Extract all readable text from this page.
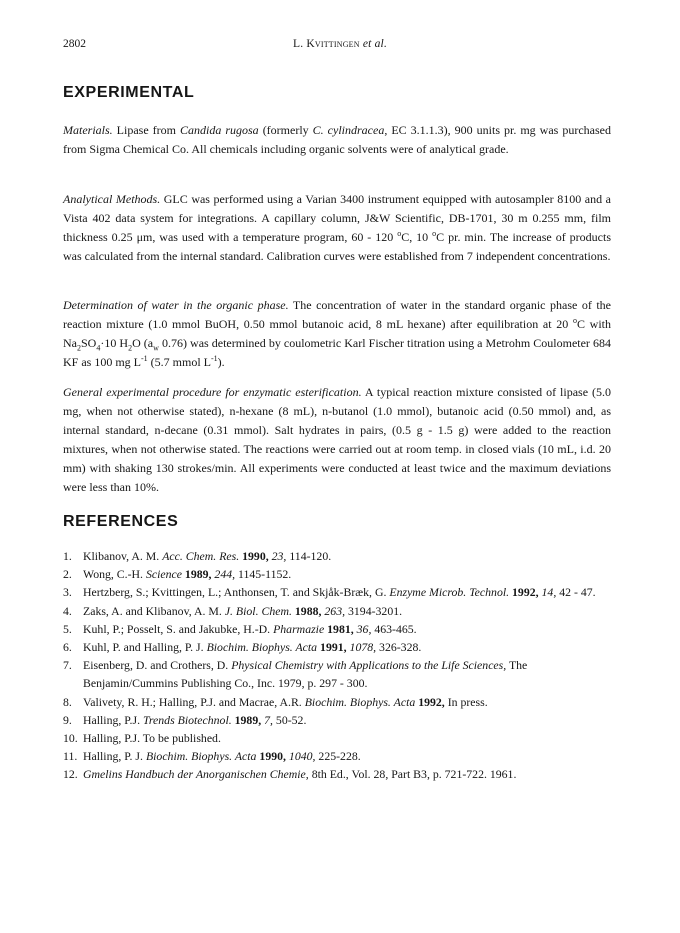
2802	L. Kvittingen et al.
EXPERIMENTAL

Materials. Lipase from Candida rugosa (formerly C. cylindracea, EC 3.1.1.3), 900 units pr. mg was purchased from Sigma Chemical Co. All chemicals including organic solvents were of analytical grade.

Analytical Methods. GLC was performed using a Varian 3400 instrument equipped with autosampler 8100 and a Vista 402 data system for integrations. A capillary column, J&W Scientific, DB-1701, 30 m 0.255 mm, film thickness 0.25 μm, was used with a temperature program, 60 - 120 $^o$C, 10 $^o$C pr. min. The increase of products was calculated from the internal standard. Calibration curves were established from 7 independent concentrations.

Determination of water in the organic phase. The concentration of water in the standard organic phase of the reaction mixture (1.0 mmol BuOH, 0.50 mmol butanoic acid, 8 mL hexane) after equilibration at 20 $^o$C with $Na_2SO_4\cdot 10$ $H_2O$ ($a_w$ 0.76) was determined by coulometric Karl Fischer titration using a Metrohm Coulometer 684 KF as 100 mg $L^{-1}$ (5.7 mmol $L^{-1}$).

General experimental procedure for enzymatic esterification. A typical reaction mixture consisted of lipase (5.0 mg, when not otherwise stated), n-hexane (8 mL), n-butanol (1.0 mmol), butanoic acid (0.50 mmol) and, as internal standard, n-decane (0.31 mmol). Salt hydrates in pairs, (0.5 g - 1.5 g) were added to the reaction mixtures, when not otherwise stated. The reactions were carried out at room temp. in closed vials (10 mL, i.d. 20 mm) with shaking 130 strokes/min. All experiments were conducted at least twice and the maximum deviations were less than 10%.

REFERENCES
1. Klibanov, A. M. Acc. Chem. Res. 1990, 23, 114-120.
2. Wong, C.-H. Science 1989, 244, 1145-1152.
3. Hertzberg, S.; Kvittingen, L.; Anthonsen, T. and Skjåk-Bræk, G. Enzyme Microb. Technol. 1992, 14, 42 - 47.
4. Zaks, A. and Klibanov, A. M. J. Biol. Chem. 1988, 263, 3194-3201.
5. Kuhl, P.; Posselt, S. and Jakubke, H.-D. Pharmazie 1981, 36, 463-465.
6. Kuhl, P. and Halling, P. J. Biochim. Biophys. Acta 1991, 1078, 326-328.
7. Eisenberg, D. and Crothers, D. Physical Chemistry with Applications to the Life Sciences, The Benjamin/Cummins Publishing Co., Inc. 1979, p. 297 - 300.
8. Valivety, R. H.; Halling, P.J. and Macrae, A.R. Biochim. Biophys. Acta 1992, In press.
9. Halling, P.J. Trends Biotechnol. 1989, 7, 50-52.
10. Halling, P.J. To be published.
11. Halling, P. J. Biochim. Biophys. Acta 1990, 1040, 225-228.
12. Gmelins Handbuch der Anorganischen Chemie, 8th Ed., Vol. 28, Part B3, p. 721-722. 1961.
